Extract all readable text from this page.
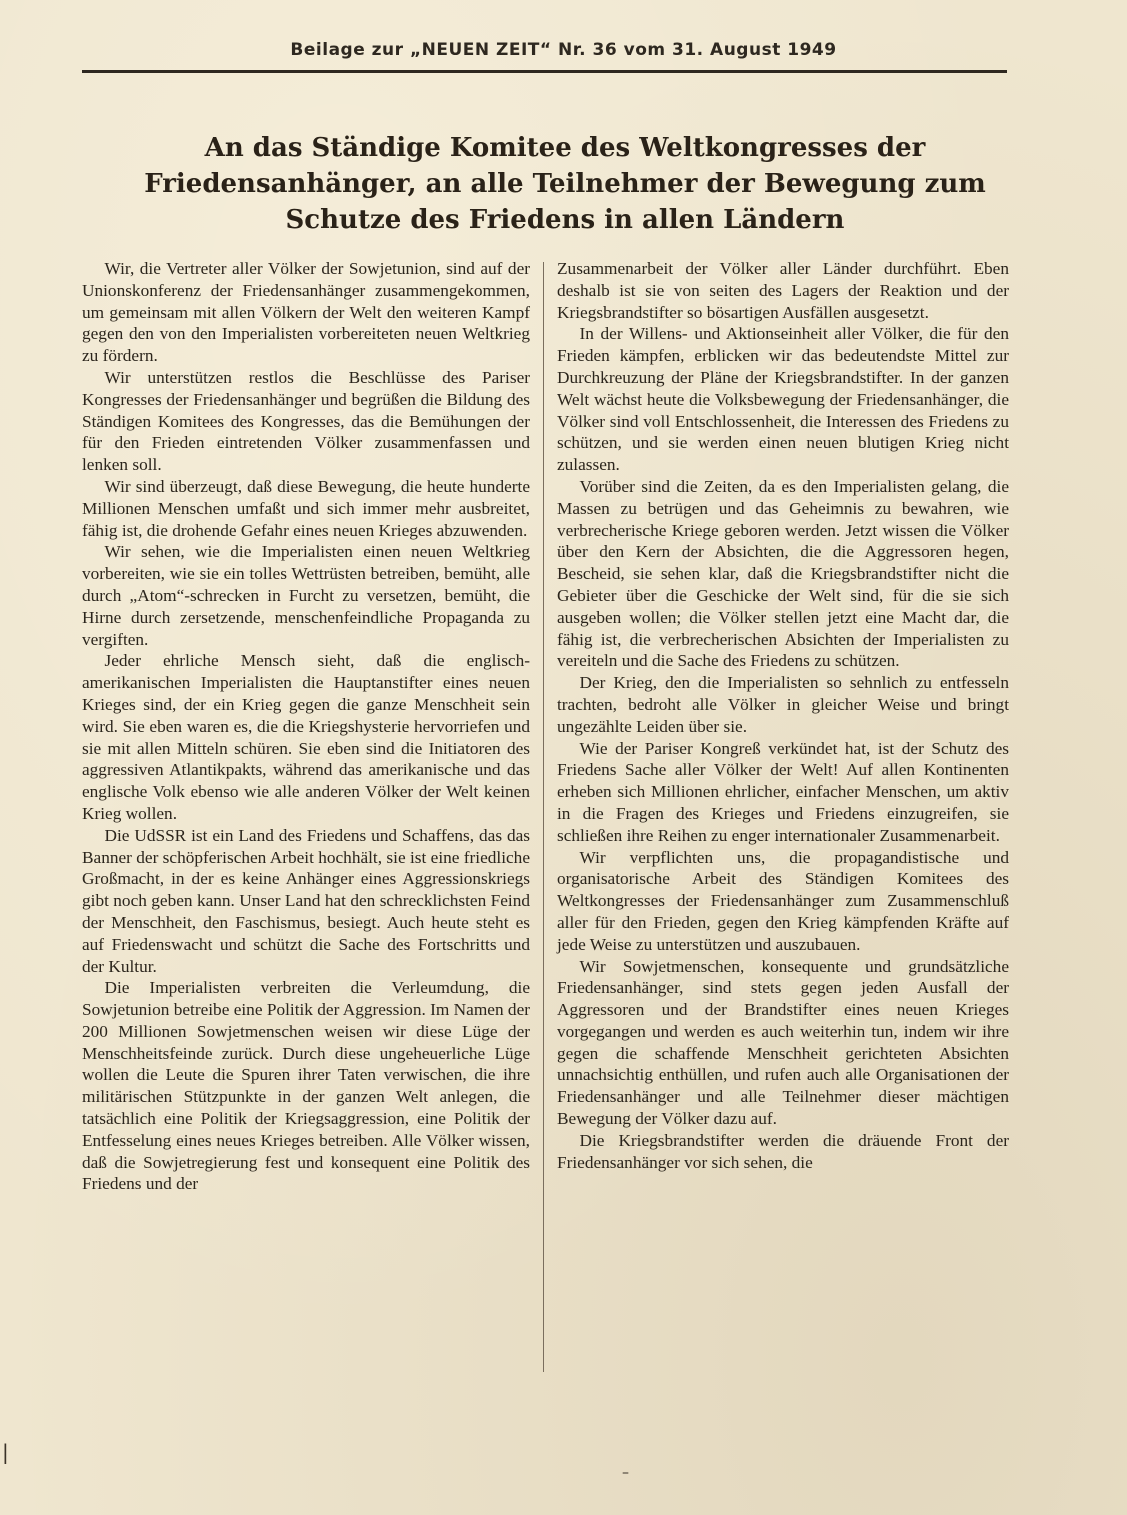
Beilage zur „NEUEN ZEIT“ Nr. 36 vom 31. August 1949
An das Ständige Komitee des Weltkongresses der
Friedensanhänger, an alle Teilnehmer der Bewegung zum
Schutze des Friedens in allen Ländern

Wir, die Vertreter aller Völker der Sowjetunion, sind auf der Unionskonferenz der Friedensanhänger zusammengekommen, um gemeinsam mit allen Völkern der Welt den weiteren Kampf gegen den von den Imperialisten vorbereiteten neuen Weltkrieg zu fördern.

Wir unterstützen restlos die Beschlüsse des Pariser Kongresses der Friedensanhänger und begrüßen die Bildung des Ständigen Komitees des Kongresses, das die Bemühungen der für den Frieden eintretenden Völker zusammenfassen und lenken soll.

Wir sind überzeugt, daß diese Bewegung, die heute hunderte Millionen Menschen umfaßt und sich immer mehr ausbreitet, fähig ist, die drohende Gefahr eines neuen Krieges abzuwenden.

Wir sehen, wie die Imperialisten einen neuen Weltkrieg vorbereiten, wie sie ein tolles Wettrüsten betreiben, bemüht, alle durch „Atom“-schrecken in Furcht zu versetzen, bemüht, die Hirne durch zersetzende, menschenfeindliche Propaganda zu vergiften.

Jeder ehrliche Mensch sieht, daß die englisch-amerikanischen Imperialisten die Hauptanstifter eines neuen Krieges sind, der ein Krieg gegen die ganze Menschheit sein wird. Sie eben waren es, die die Kriegshysterie hervorriefen und sie mit allen Mitteln schüren. Sie eben sind die Initiatoren des aggressiven Atlantikpakts, während das amerikanische und das englische Volk ebenso wie alle anderen Völker der Welt keinen Krieg wollen.

Die UdSSR ist ein Land des Friedens und Schaffens, das das Banner der schöpferischen Arbeit hochhält, sie ist eine friedliche Großmacht, in der es keine Anhänger eines Aggressionskriegs gibt noch geben kann. Unser Land hat den schrecklichsten Feind der Menschheit, den Faschismus, besiegt. Auch heute steht es auf Friedenswacht und schützt die Sache des Fortschritts und der Kultur.

Die Imperialisten verbreiten die Verleumdung, die Sowjetunion betreibe eine Politik der Aggression. Im Namen der 200 Millionen Sowjetmenschen weisen wir diese Lüge der Menschheitsfeinde zurück. Durch diese ungeheuerliche Lüge wollen die Leute die Spuren ihrer Taten verwischen, die ihre militärischen Stützpunkte in der ganzen Welt anlegen, die tatsächlich eine Politik der Kriegsaggression, eine Politik der Entfesselung eines neues Krieges betreiben. Alle Völker wissen, daß die Sowjetregierung fest und konsequent eine Politik des Friedens und der

Zusammenarbeit der Völker aller Länder durchführt. Eben deshalb ist sie von seiten des Lagers der Reaktion und der Kriegsbrandstifter so bösartigen Ausfällen ausgesetzt.

In der Willens- und Aktionseinheit aller Völker, die für den Frieden kämpfen, erblicken wir das bedeutendste Mittel zur Durchkreuzung der Pläne der Kriegsbrandstifter. In der ganzen Welt wächst heute die Volksbewegung der Friedensanhänger, die Völker sind voll Entschlossenheit, die Interessen des Friedens zu schützen, und sie werden einen neuen blutigen Krieg nicht zulassen.

Vorüber sind die Zeiten, da es den Imperialisten gelang, die Massen zu betrügen und das Geheimnis zu bewahren, wie verbrecherische Kriege geboren werden. Jetzt wissen die Völker über den Kern der Absichten, die die Aggressoren hegen, Bescheid, sie sehen klar, daß die Kriegsbrandstifter nicht die Gebieter über die Geschicke der Welt sind, für die sie sich ausgeben wollen; die Völker stellen jetzt eine Macht dar, die fähig ist, die verbrecherischen Absichten der Imperialisten zu vereiteln und die Sache des Friedens zu schützen.

Der Krieg, den die Imperialisten so sehnlich zu entfesseln trachten, bedroht alle Völker in gleicher Weise und bringt ungezählte Leiden über sie.

Wie der Pariser Kongreß verkündet hat, ist der Schutz des Friedens Sache aller Völker der Welt! Auf allen Kontinenten erheben sich Millionen ehrlicher, einfacher Menschen, um aktiv in die Fragen des Krieges und Friedens einzugreifen, sie schließen ihre Reihen zu enger internationaler Zusammenarbeit.

Wir verpflichten uns, die propagandistische und organisatorische Arbeit des Ständigen Komitees des Weltkongresses der Friedensanhänger zum Zusammenschluß aller für den Frieden, gegen den Krieg kämpfenden Kräfte auf jede Weise zu unterstützen und auszubauen.

Wir Sowjetmenschen, konsequente und grundsätzliche Friedensanhänger, sind stets gegen jeden Ausfall der Aggressoren und der Brandstifter eines neuen Krieges vorgegangen und werden es auch weiterhin tun, indem wir ihre gegen die schaffende Menschheit gerichteten Absichten unnachsichtig enthüllen, und rufen auch alle Organisationen der Friedensanhänger und alle Teilnehmer dieser mächtigen Bewegung der Völker dazu auf.

Die Kriegsbrandstifter werden die dräuende Front der Friedensanhänger vor sich sehen, die

|
–
